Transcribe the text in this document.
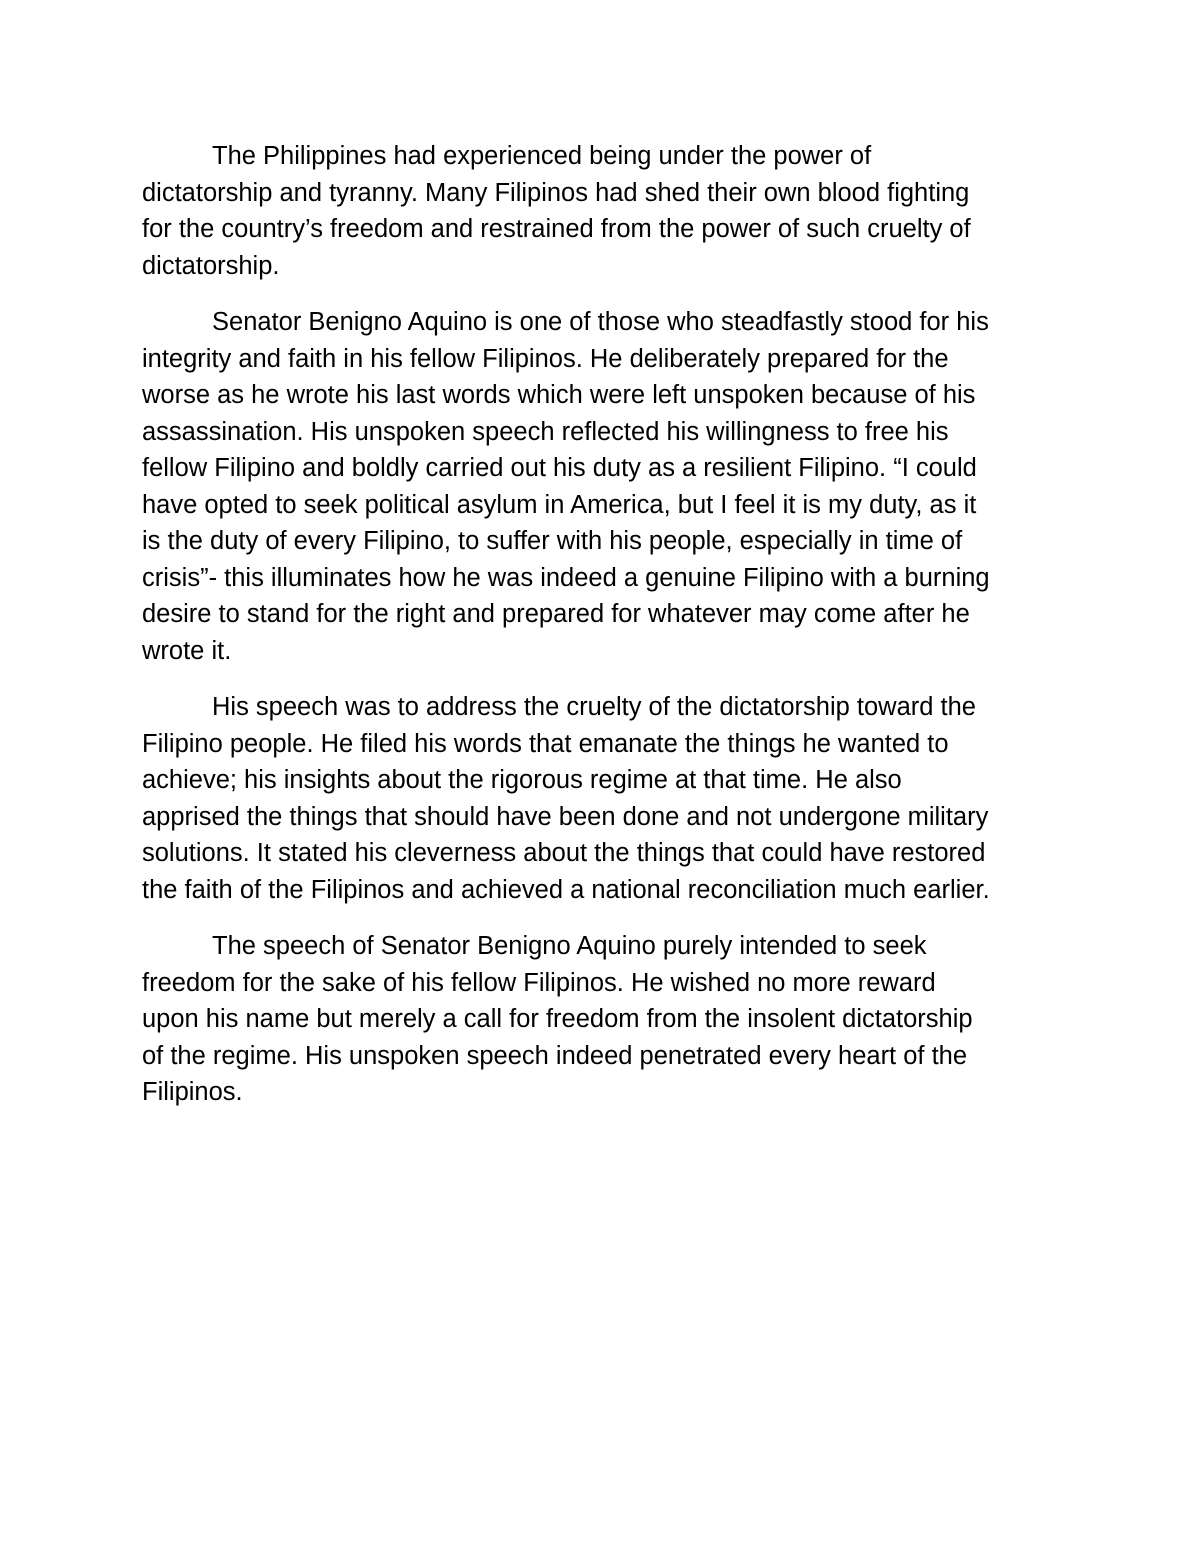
The Philippines had experienced being under the power of
dictatorship and tyranny. Many Filipinos had shed their own blood fighting
for the country’s freedom and restrained from the power of such cruelty of
dictatorship.

Senator Benigno Aquino is one of those who steadfastly stood for his
integrity and faith in his fellow Filipinos. He deliberately prepared for the
worse as he wrote his last words which were left unspoken because of his
assassination. His unspoken speech reflected his willingness to free his
fellow Filipino and boldly carried out his duty as a resilient Filipino. “I could
have opted to seek political asylum in America, but I feel it is my duty, as it
is the duty of every Filipino, to suffer with his people, especially in time of
crisis”- this illuminates how he was indeed a genuine Filipino with a burning
desire to stand for the right and prepared for whatever may come after he
wrote it.

His speech was to address the cruelty of the dictatorship toward the
Filipino people. He filed his words that emanate the things he wanted to
achieve; his insights about the rigorous regime at that time. He also
apprised the things that should have been done and not undergone military
solutions. It stated his cleverness about the things that could have restored
the faith of the Filipinos and achieved a national reconciliation much earlier.

The speech of Senator Benigno Aquino purely intended to seek
freedom for the sake of his fellow Filipinos. He wished no more reward
upon his name but merely a call for freedom from the insolent dictatorship
of the regime. His unspoken speech indeed penetrated every heart of the
Filipinos.
